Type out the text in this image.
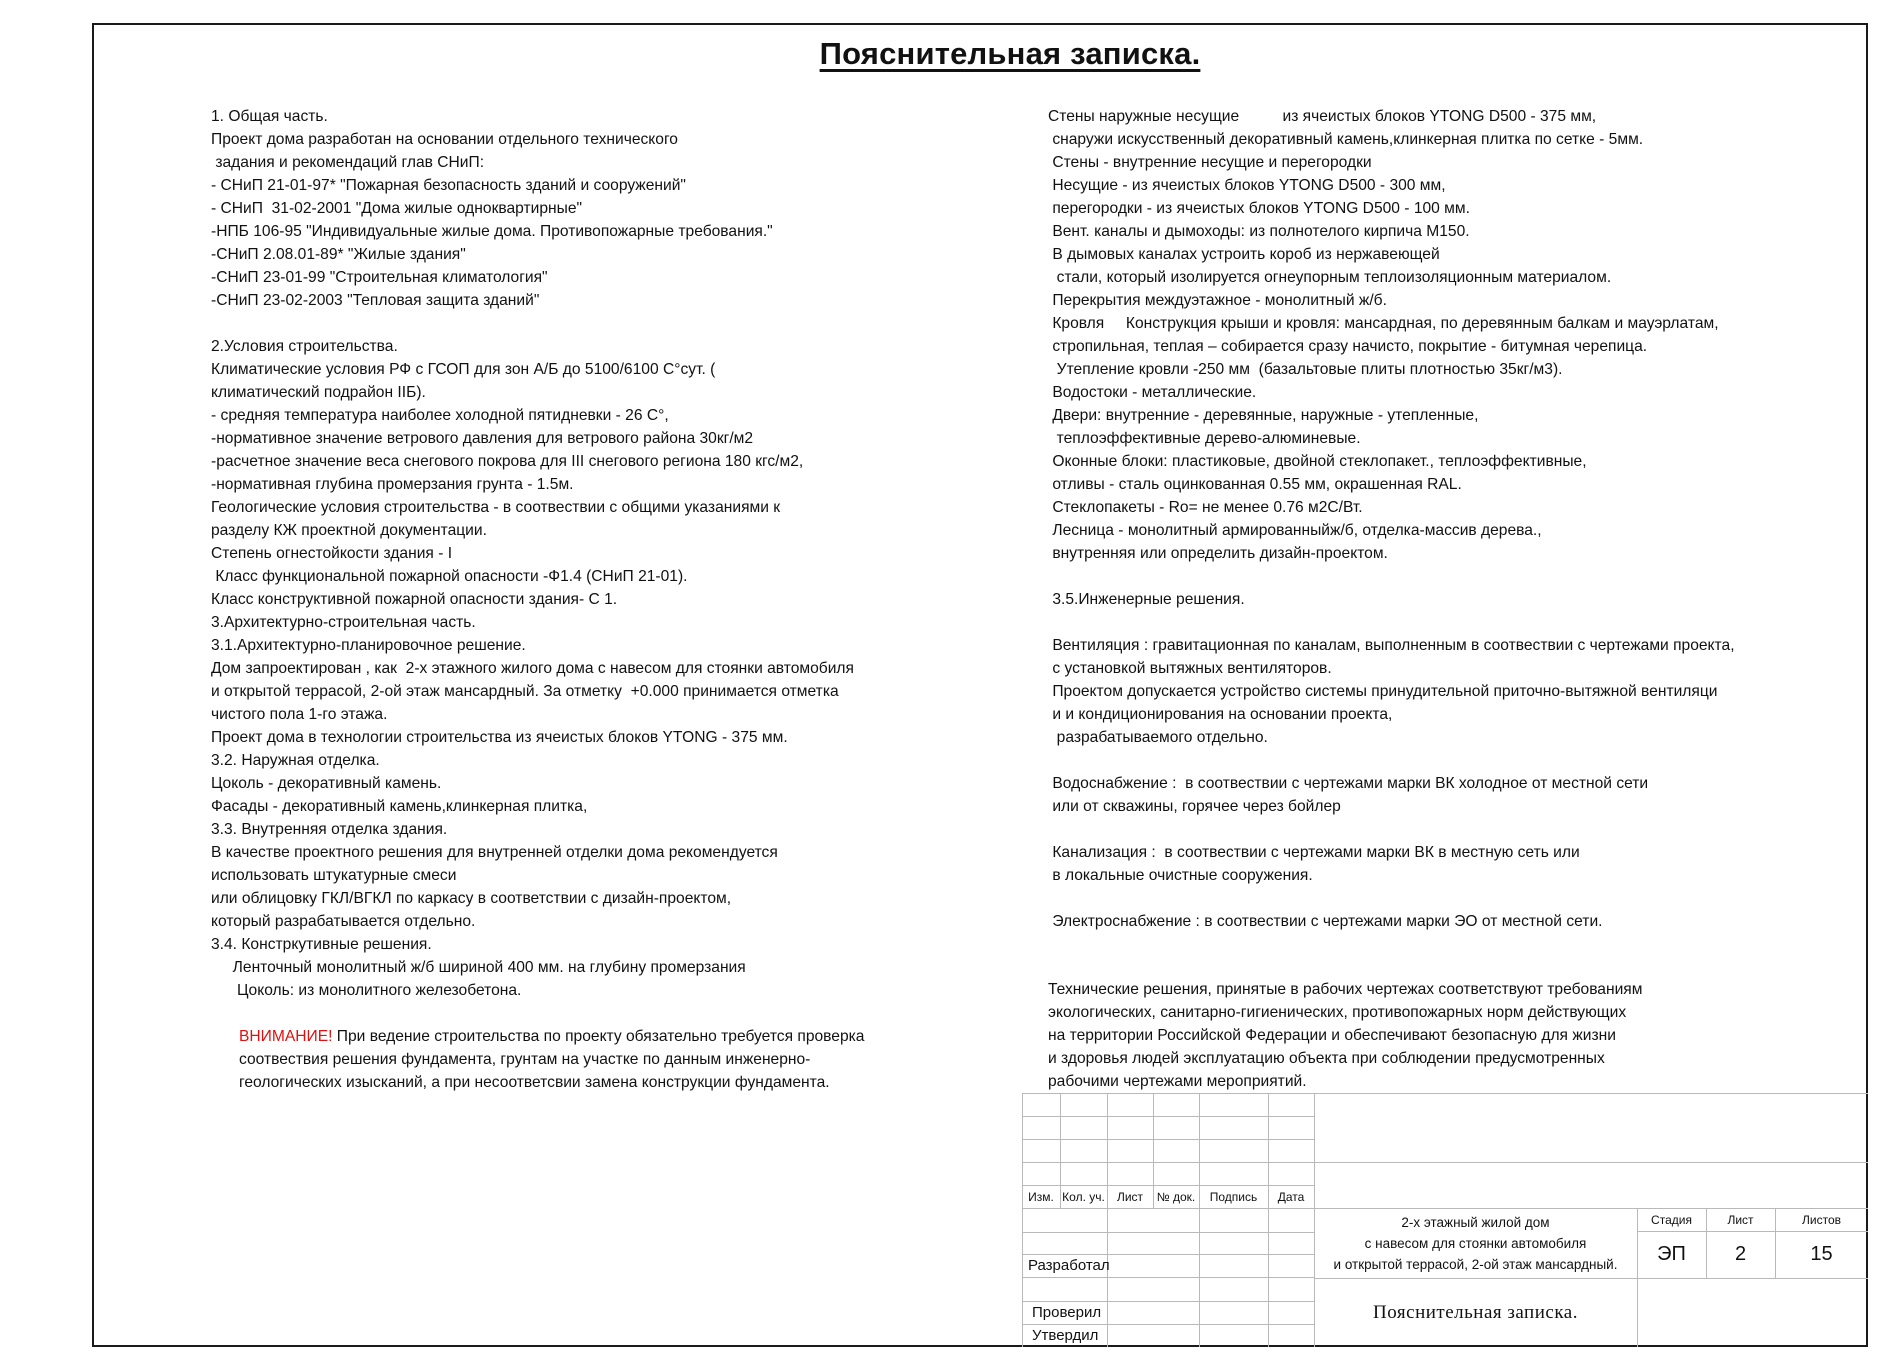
Пояснительная записка.
1. Общая часть.
Проект дома разработан на основании отдельного технического
задания и рекомендаций глав СНиП:
- СНиП 21-01-97* "Пожарная безопасность зданий и сооружений"
- СНиП  31-02-2001 "Дома жилые одноквартирные"
-НПБ 106-95 "Индивидуальные жилые дома. Противопожарные требования."
-СНиП 2.08.01-89* "Жилые здания"
-СНиП 23-01-99 "Строительная климатология"
-СНиП 23-02-2003 "Тепловая защита зданий"
2.Условия строительства.
Климатические условия РФ с ГСОП для зон А/Б до 5100/6100 С°сут. (
климатический подрайон IIБ).
- средняя температура наиболее холодной пятидневки - 26 С°,
-нормативное значение ветрового давления для ветрового района 30кг/м2
-расчетное значение веса снегового покрова для III снегового региона 180 кгс/м2,
-нормативная глубина промерзания грунта - 1.5м.
Геологические условия строительства - в соотвествии с общими указаниями к
разделу КЖ проектной документации.
Степень огнестойкости здания - I
Класс функциональной пожарной опасности -Ф1.4 (СНиП 21-01).
Класс конструктивной пожарной опасности здания- С 1.
3.Архитектурно-строительная часть.
3.1.Архитектурно-планировочное решение.
Дом запроектирован , как  2-х этажного жилого дома с навесом для стоянки автомобиля
и открытой террасой, 2-ой этаж мансардный. За отметку  +0.000 принимается отметка
чистого пола 1-го этажа.
Проект дома в технологии строительства из ячеистых блоков YTONG - 375 мм.
3.2. Наружная отделка.
Цоколь - декоративный камень.
Фасады - декоративный камень,клинкерная плитка,
3.3. Внутренняя отделка здания.
В качестве проектного решения для внутренней отделки дома рекомендуется
использовать штукатурные смеси
или облицовку ГКЛ/ВГКЛ по каркасу в соответствии с дизайн-проектом,
который разрабатывается отдельно.
3.4. Констркутивные решения.
Ленточный монолитный ж/б шириной 400 мм. на глубину промерзания
Цоколь: из монолитного железобетона.
ВНИМАНИЕ! При ведение строительства по проекту обязательно требуется проверка
соотвествия решения фундамента, грунтам на участке по данным инженерно-
геологических изысканий, а при несоответсвии замена конструкции фундамента.
Стены наружные несущие          из ячеистых блоков YTONG D500 - 375 мм,
снаружи искусственный декоративный камень,клинкерная плитка по сетке - 5мм.
Стены - внутренние несущие и перегородки
Несущие - из ячеистых блоков YTONG D500 - 300 мм,
перегородки - из ячеистых блоков YTONG D500 - 100 мм.
Вент. каналы и дымоходы: из полнотелого кирпича М150.
В дымовых каналах устроить короб из нержавеющей
стали, который изолируется огнеупорным теплоизоляционным материалом.
Перекрытия междуэтажное - монолитный ж/б.
Кровля     Конструкция крыши и кровля: мансардная, по деревянным балкам и мауэрлатам,
стропильная, теплая – собирается сразу начисто, покрытие - битумная черепица.
Утепление кровли -250 мм  (базальтовые плиты плотностью 35кг/м3).
Водостоки - металлические.
Двери: внутренние - деревянные, наружные - утепленные,
теплоэффективные дерево-алюминевые.
Оконные блоки: пластиковые, двойной стеклопакет., теплоэффективные,
отливы - сталь оцинкованная 0.55 мм, окрашенная RAL.
Стеклопакеты - Ro= не менее 0.76 м2С/Вт.
Лесница - монолитный армированныйж/б, отделка-массив дерева.,
внутренняя или определить дизайн-проектом.
3.5.Инженерные решения.
Вентиляция : гравитационная по каналам, выполненным в соотвествии с чертежами проекта,
с установкой вытяжных вентиляторов.
Проектом допускается устройство системы принудительной приточно-вытяжной вентиляци
и и кондиционирования на основании проекта,
разрабатываемого отдельно.
Водоснабжение :  в соотвествии с чертежами марки ВК холодное от местной сети
или от скважины, горячее через бойлер
Канализация :  в соотвествии с чертежами марки ВК в местную сеть или
в локальные очистные сооружения.
Электроснабжение : в соотвествии с чертежами марки ЭО от местной сети.
Технические решения, принятые в рабочих чертежах соответствуют требованиям
экологических, санитарно-гигиенических, противопожарных норм действующих
на территории Российской Федерации и обеспечивают безопасную для жизни
и здоровья людей эксплуатацию объекта при соблюдении предусмотренных
рабочими чертежами мероприятий.
Изм. Кол. уч.	Лист	№ док.	Подпись	Дата
Разработал
Проверил
Утвердил
2-х этажный жилой дом
с навесом для стоянки автомобиля
и открытой террасой, 2-ой этаж мансардный.
Пояснительная записка.
Стадия	Лист	Листов
ЭП	2	15
